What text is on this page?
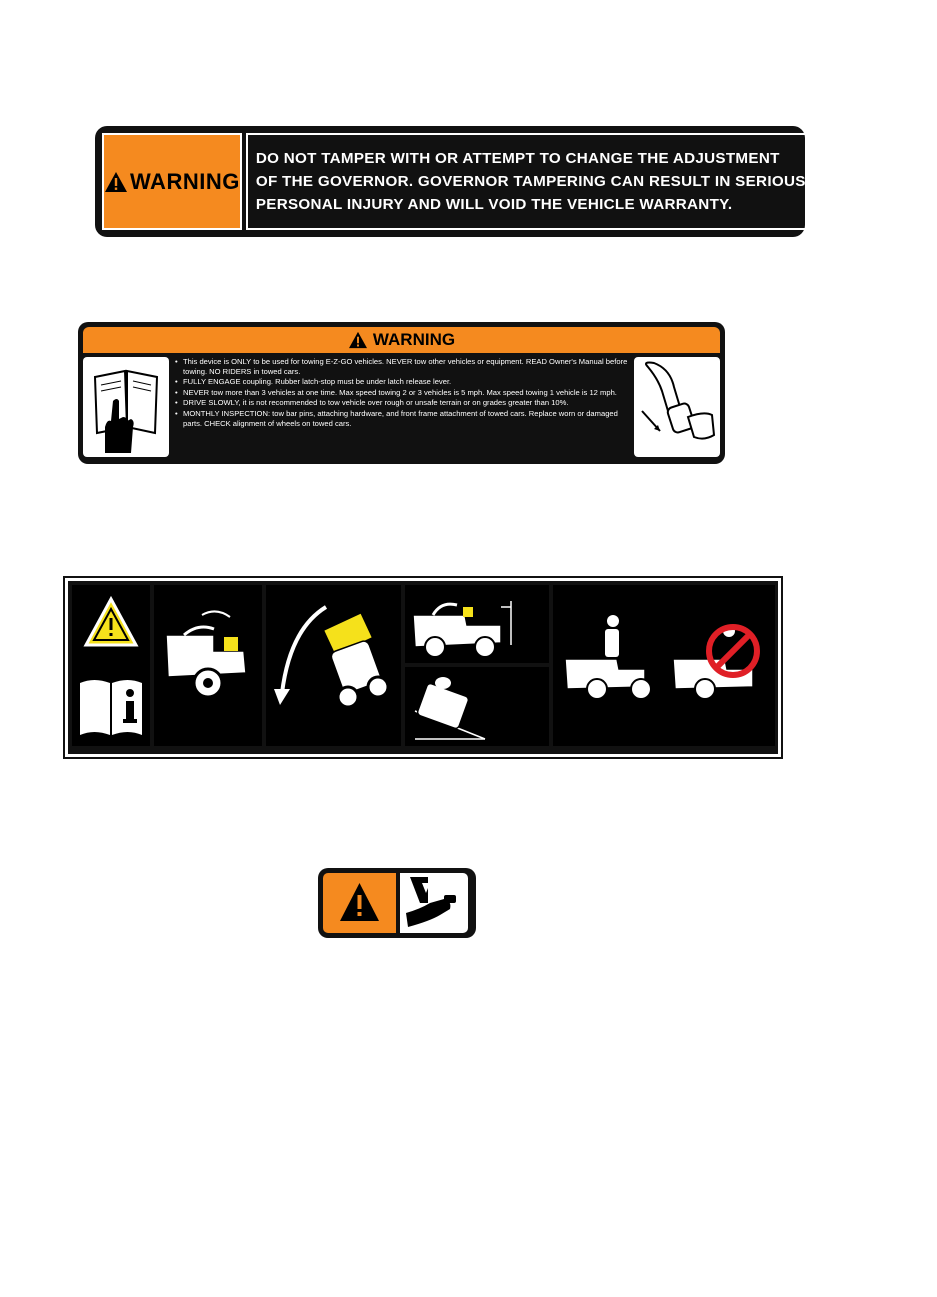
WARNING
DO NOT TAMPER WITH OR ATTEMPT TO CHANGE THE ADJUSTMENT
OF THE GOVERNOR. GOVERNOR TAMPERING CAN RESULT IN SERIOUS
PERSONAL INJURY AND WILL VOID THE VEHICLE WARRANTY.
WARNING
• This device is ONLY to be used for towing E-Z-GO vehicles. NEVER tow other vehicles or equipment. READ Owner's Manual before towing. NO RIDERS in towed cars.
• FULLY ENGAGE coupling. Rubber latch-stop must be under latch release lever.
• NEVER tow more than 3 vehicles at one time. Max speed towing 2 or 3 vehicles is 5 mph. Max speed towing 1 vehicle is 12 mph.
• DRIVE SLOWLY, it is not recommended to tow vehicle over rough or unsafe terrain or on grades greater than 10%.
• MONTHLY INSPECTION: tow bar pins, attaching hardware, and front frame attachment of towed cars. Replace worn or damaged parts. CHECK alignment of wheels on towed cars.
